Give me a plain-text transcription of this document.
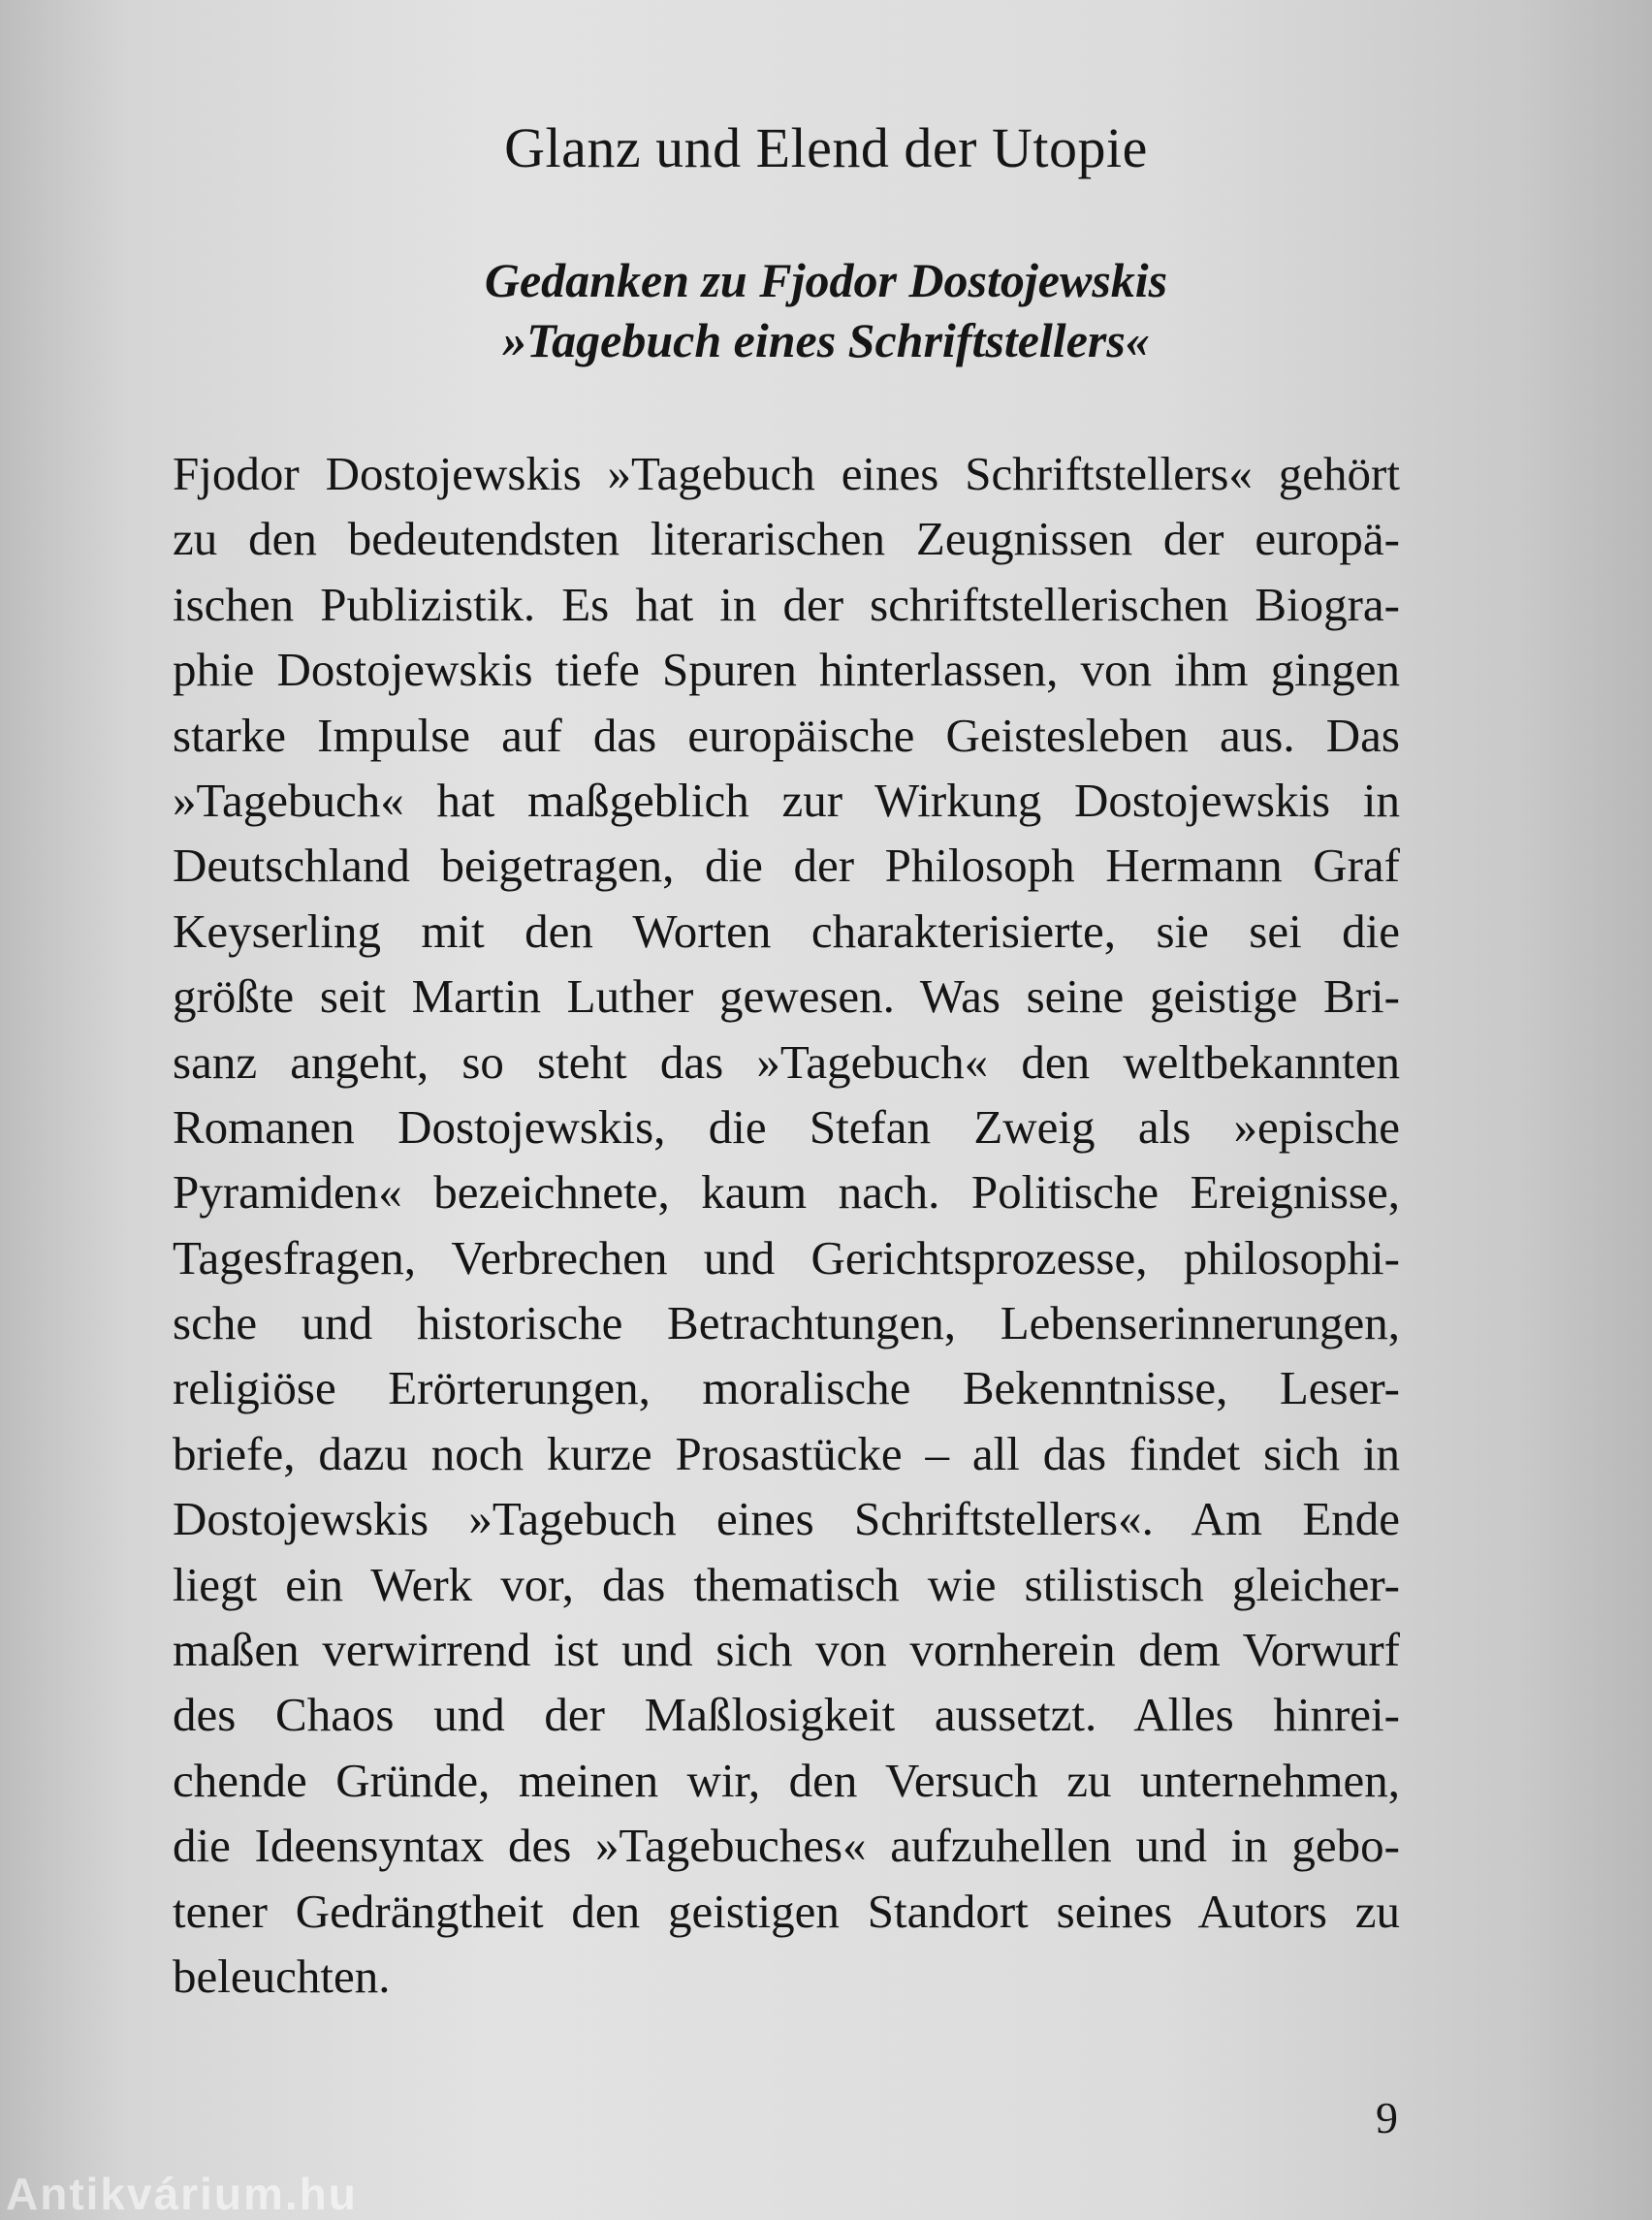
Glanz und Elend der Utopie
Gedanken zu Fjodor Dostojewskis
»Tagebuch eines Schriftstellers«
Fjodor Dostojewskis »Tagebuch eines Schriftstellers« gehört
zu den bedeutendsten literarischen Zeugnissen der europä-
ischen Publizistik. Es hat in der schriftstellerischen Biogra-
phie Dostojewskis tiefe Spuren hinterlassen, von ihm gingen
starke Impulse auf das europäische Geistesleben aus. Das
»Tagebuch« hat maßgeblich zur Wirkung Dostojewskis in
Deutschland beigetragen, die der Philosoph Hermann Graf
Keyserling mit den Worten charakterisierte, sie sei die
größte seit Martin Luther gewesen. Was seine geistige Bri-
sanz angeht, so steht das »Tagebuch« den weltbekannten
Romanen Dostojewskis, die Stefan Zweig als »epische
Pyramiden« bezeichnete, kaum nach. Politische Ereignisse,
Tagesfragen, Verbrechen und Gerichtsprozesse, philosophi-
sche und historische Betrachtungen, Lebenserinnerungen,
religiöse Erörterungen, moralische Bekenntnisse, Leser-
briefe, dazu noch kurze Prosastücke – all das findet sich in
Dostojewskis »Tagebuch eines Schriftstellers«. Am Ende
liegt ein Werk vor, das thematisch wie stilistisch gleicher-
maßen verwirrend ist und sich von vornherein dem Vorwurf
des Chaos und der Maßlosigkeit aussetzt. Alles hinrei-
chende Gründe, meinen wir, den Versuch zu unternehmen,
die Ideensyntax des »Tagebuches« aufzuhellen und in gebo-
tener Gedrängtheit den geistigen Standort seines Autors zu
beleuchten.

9

Antikvárium.hu
